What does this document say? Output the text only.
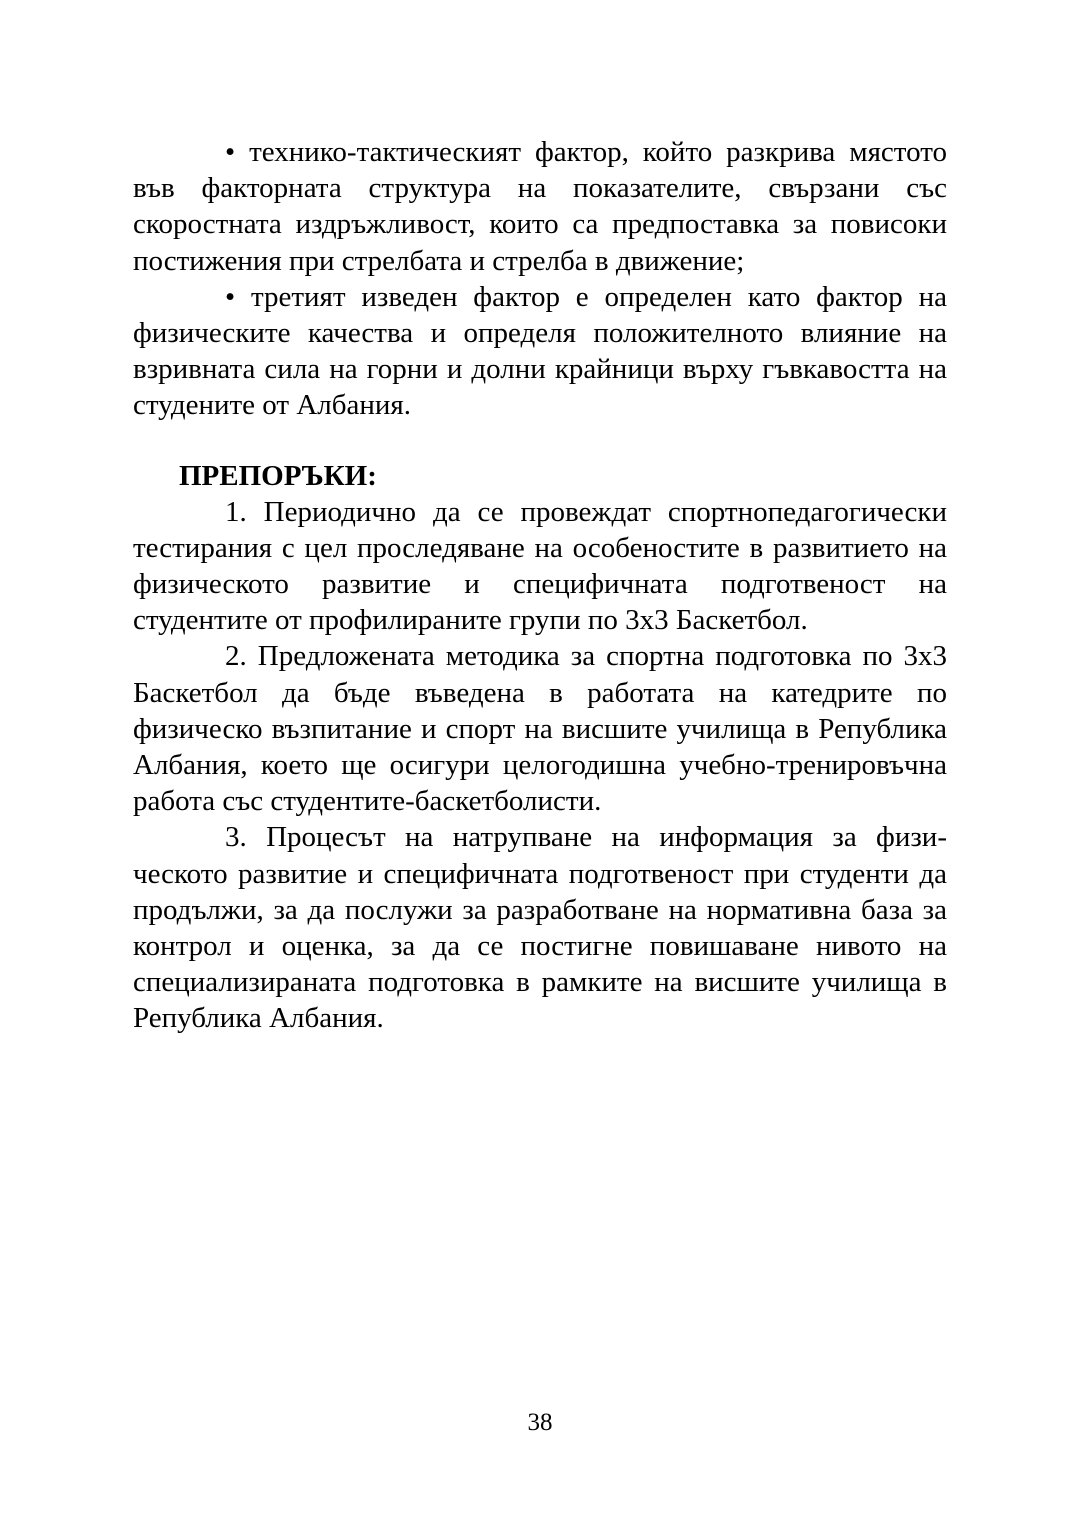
• технико-тактическият фактор, който разкрива мястото във факторната структура на показателите, свързани със скоростната издръжливост, които са предпоставка за повисоки постижения при стрелбата и стрелба в движение;

• третият изведен фактор е определен като фактор на физическите качества и определя положителното влияние на взривната сила на горни и долни крайници върху гъвкавостта на студените от Албания.

ПРЕПОРЪКИ:

1. Периодично да се провеждат спортнопедагогически тестирания с цел проследяване на особеностите в развитието на физическото развитие и специфичната подготвеност на студентите от профилираните групи по 3х3 Баскетбол.

2. Предложената методика за спортна подготовка по 3х3 Баскетбол да бъде въведена в работата на катедрите по физическо възпитание и спорт на висшите училища в Република Албания, което ще осигури целогодишна учебно-тренировъчна работа със студентите-баскетболисти.

3. Процесът на натрупване на информация за физическото развитие и специфичната подготвеност при студенти да продължи, за да послужи за разработване на нормативна база за контрол и оценка, за да се постигне повишаване нивото на специализираната подготовка в рамките на висшите училища в Република Албания.

38
